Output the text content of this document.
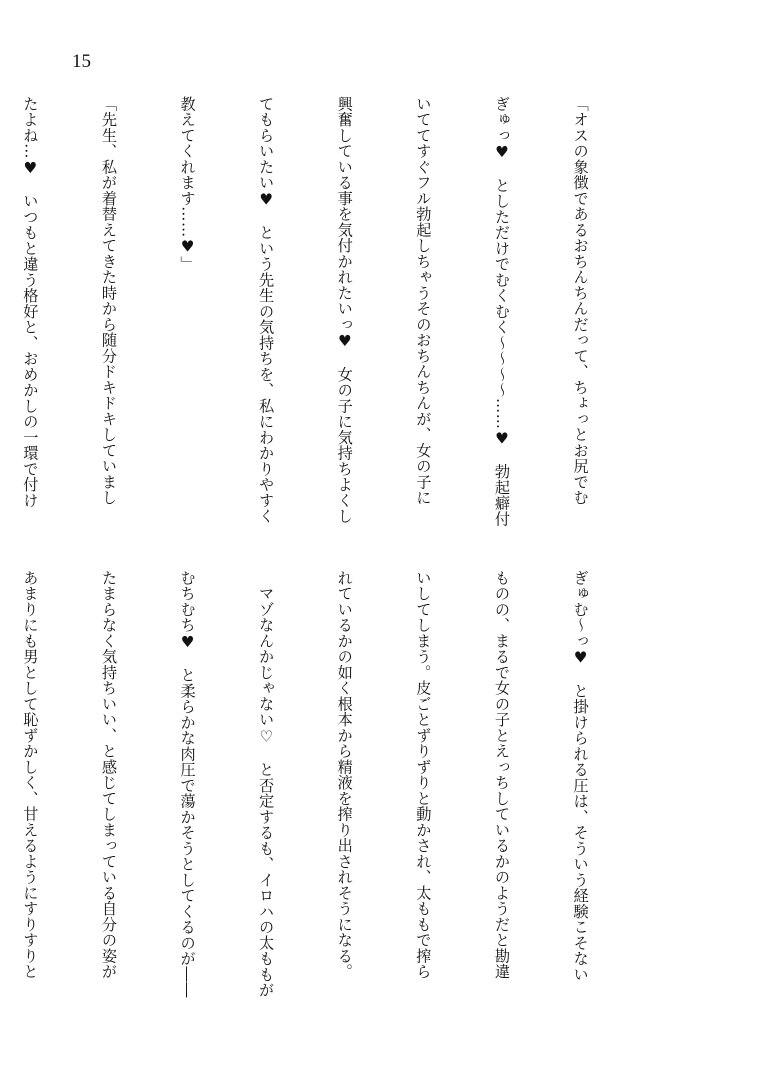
15

「オスの象徴であるおちんちんだって、ちょっとお尻でむ

ぎゅっ♥　としただけでむくむく〜〜〜〜……♥　勃起癖付

いててすぐフル勃起しちゃうそのおちんちんが、女の子に

興奮している事を気付かれたいっ♥　女の子に気持ちよくし

てもらいたい♥　という先生の気持ちを、私にわかりやすく

教えてくれます……♥」

「先生、私が着替えてきた時から随分ドキドキしていまし

たよね…♥　いつもと違う格好と、おめかしの一環で付け

ぎゅむ〜っ♥　と掛けられる圧は、そういう経験こそない

ものの、まるで女の子とえっちしているかのようだと勘違

いしてしまう。皮ごとずりずりと動かされ、太ももで搾ら

れているかの如く根本から精液を搾り出されそうになる。

　マゾなんかじゃない♡　と否定するも、イロハの太ももが

むちむち♥　と柔らかな肉圧で蕩かそうとしてくるのが――

たまらなく気持ちいい、と感じてしまっている自分の姿が

あまりにも男として恥ずかしく、甘えるようにすりすりと
